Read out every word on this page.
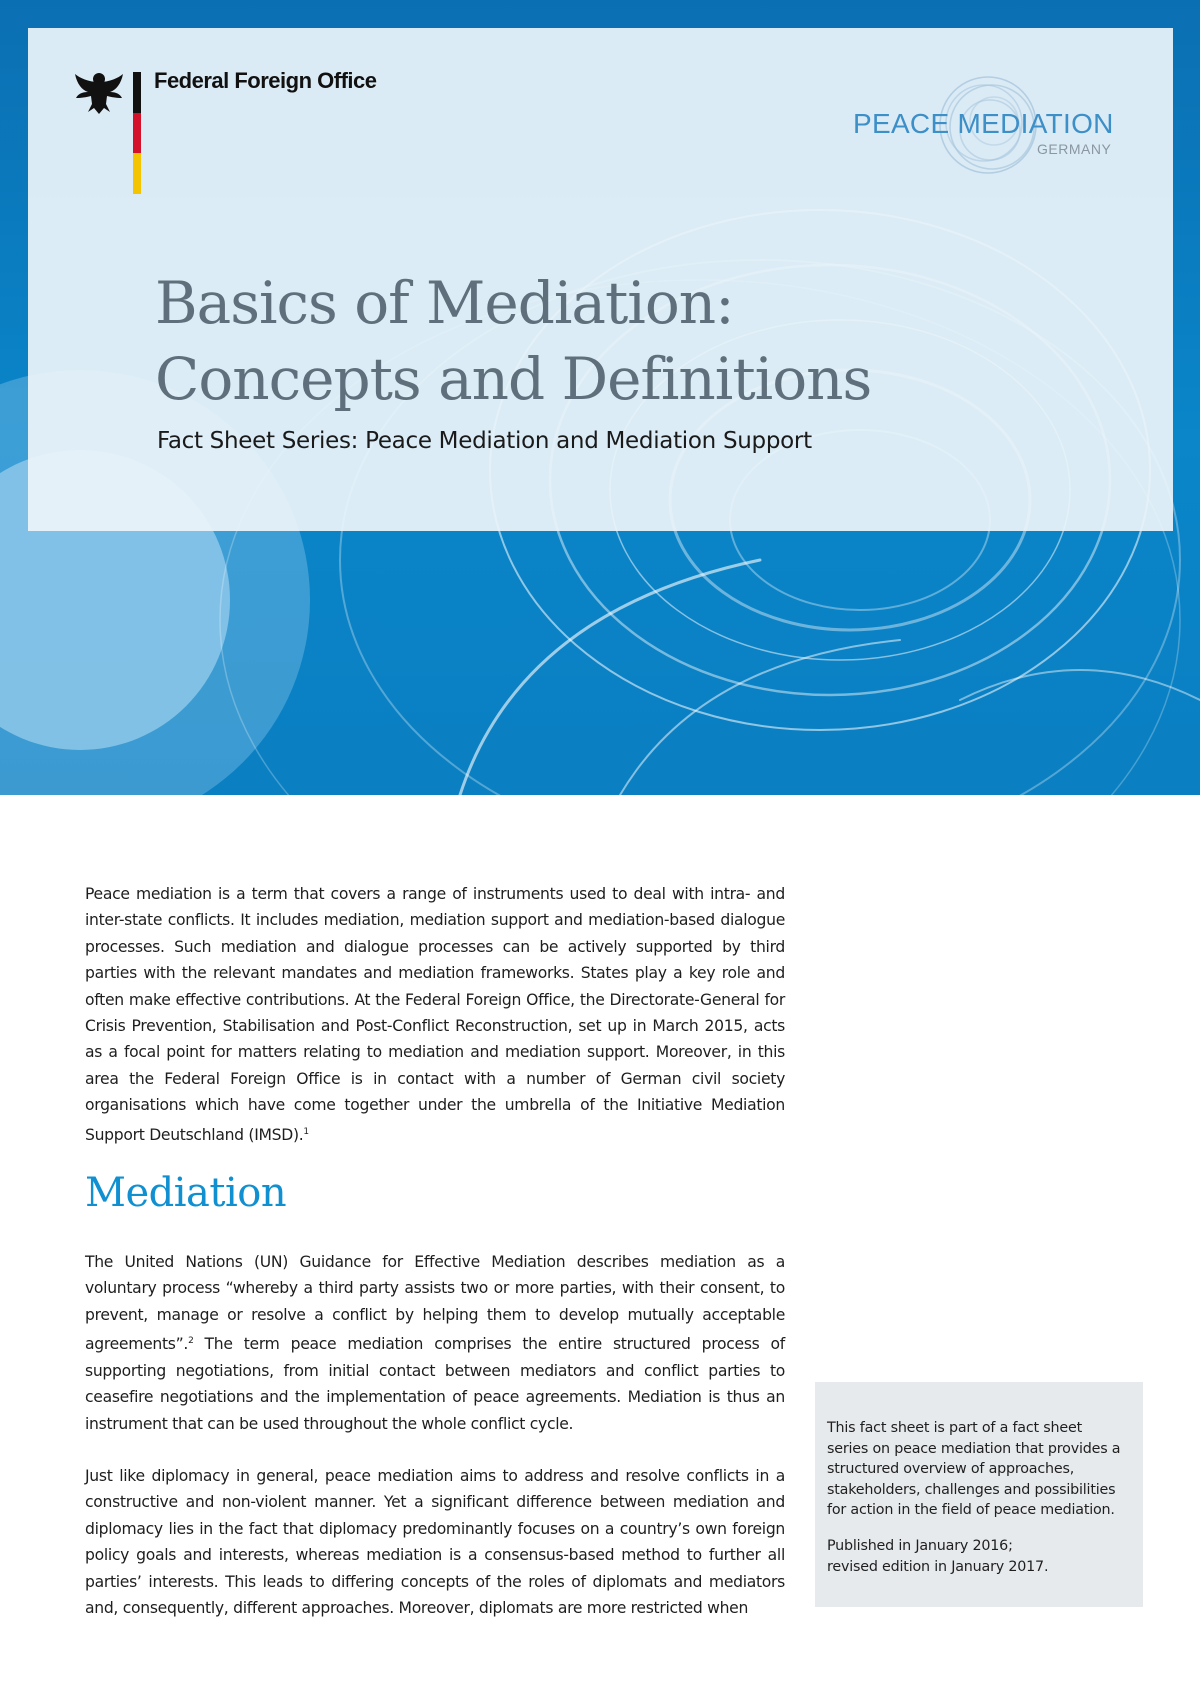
Federal Foreign Office
PEACE MEDIATION
GERMANY
Basics of Mediation:
Concepts and Definitions
Fact Sheet Series: Peace Mediation and Mediation Support

Peace mediation is a term that covers a range of instruments used to deal with intra- and inter-state conflicts. It includes mediation, mediation support and mediation-based dialogue processes. Such mediation and dialogue processes can be actively supported by third parties with the relevant mandates and mediation frameworks. States play a key role and often make effective contributions. At the Federal Foreign Office, the Directorate-General for Crisis Prevention, Stabilisation and Post-Conflict Reconstruction, set up in March 2015, acts as a focal point for matters relating to mediation and mediation support. Moreover, in this area the Federal Foreign Office is in contact with a number of German civil society organisations which have come together under the umbrella of the Initiative Mediation Support Deutschland (IMSD).$^1$

Mediation

The United Nations (UN) Guidance for Effective Mediation describes mediation as a voluntary process “whereby a third party assists two or more parties, with their consent, to prevent, manage or resolve a conflict by helping them to develop mutually acceptable agreements”.$^2$ The term peace mediation comprises the entire structured process of supporting negotiations, from initial contact between mediators and conflict parties to ceasefire negotiations and the implementation of peace agreements. Mediation is thus an instrument that can be used throughout the whole conflict cycle.

Just like diplomacy in general, peace mediation aims to address and resolve conflicts in a constructive and non-violent manner. Yet a significant difference between mediation and diplomacy lies in the fact that diplomacy predominantly focuses on a country’s own foreign policy goals and interests, whereas mediation is a consensus-based method to further all parties’ interests. This leads to differing concepts of the roles of diplomats and mediators and, consequently, different approaches. Moreover, diplomats are more restricted when

This fact sheet is part of a fact sheet series on peace mediation that provides a structured overview of approaches, stakeholders, challenges and possibilities for action in the field of peace mediation.

Published in January 2016;
revised edition in January 2017.
